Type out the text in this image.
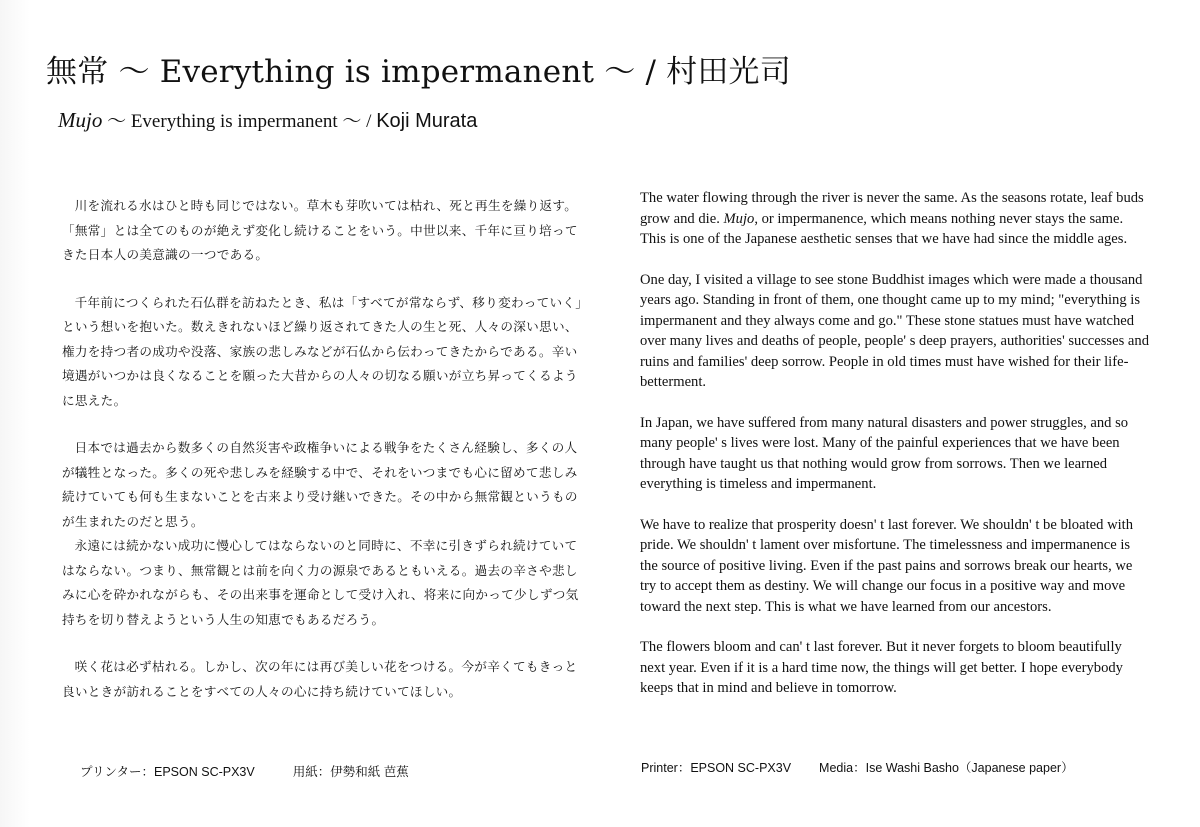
無常 ～ Everything is impermanent ～ / 村田光司
Mujo ～ Everything is impermanent ～ / Koji Murata

川を流れる水はひと時も同じではない。草木も芽吹いては枯れ、死と再生を繰り返す。「無常」とは全てのものが絶えず変化し続けることをいう。中世以来、千年に亘り培ってきた日本人の美意識の一つである。

千年前につくられた石仏群を訪ねたとき、私は「すべてが常ならず、移り変わっていく」という想いを抱いた。数えきれないほど繰り返されてきた人の生と死、人々の深い思い、権力を持つ者の成功や没落、家族の悲しみなどが石仏から伝わってきたからである。辛い境遇がいつかは良くなることを願った大昔からの人々の切なる願いが立ち昇ってくるように思えた。

日本では過去から数多くの自然災害や政権争いによる戦争をたくさん経験し、多くの人が犠牲となった。多くの死や悲しみを経験する中で、それをいつまでも心に留めて悲しみ続けていても何も生まないことを古来より受け継いできた。その中から無常観というものが生まれたのだと思う。

永遠には続かない成功に慢心してはならないのと同時に、不幸に引きずられ続けていてはならない。つまり、無常観とは前を向く力の源泉であるともいえる。過去の辛さや悲しみに心を砕かれながらも、その出来事を運命として受け入れ、将来に向かって少しずつ気持ちを切り替えようという人生の知恵でもあるだろう。

咲く花は必ず枯れる。しかし、次の年には再び美しい花をつける。今が辛くてもきっと良いときが訪れることをすべての人々の心に持ち続けていてほしい。

The water flowing through the river is never the same. As the seasons rotate, leaf buds grow and die. Mujo, or impermanence, which means nothing never stays the same. This is one of the Japanese aesthetic senses that we have had since the middle ages.

One day, I visited a village to see stone Buddhist images which were made a thousand years ago. Standing in front of them, one thought came up to my mind; "everything is impermanent and they always come and go." These stone statues must have watched over many lives and deaths of people, people' s deep prayers, authorities' successes and ruins and families' deep sorrow. People in old times must have wished for their life-betterment.

In Japan, we have suffered from many natural disasters and power struggles, and so many people' s lives were lost. Many of the painful experiences that we have been through have taught us that nothing would grow from sorrows. Then we learned everything is timeless and impermanent.

We have to realize that prosperity doesn' t last forever. We shouldn' t be bloated with pride. We shouldn' t lament over misfortune. The timelessness and impermanence is the source of positive living. Even if the past pains and sorrows break our hearts, we try to accept them as destiny. We will change our focus in a positive way and move toward the next step. This is what we have learned from our ancestors.

The flowers bloom and can' t last forever. But it never forgets to bloom beautifully next year. Even if it is a hard time now, the things will get better. I hope everybody keeps that in mind and believe in tomorrow.

プリンター：EPSON SC-PX3V	用紙：伊勢和紙 芭蕉	Printer：EPSON SC-PX3V Media：Ise Washi Basho（Japanese paper）
